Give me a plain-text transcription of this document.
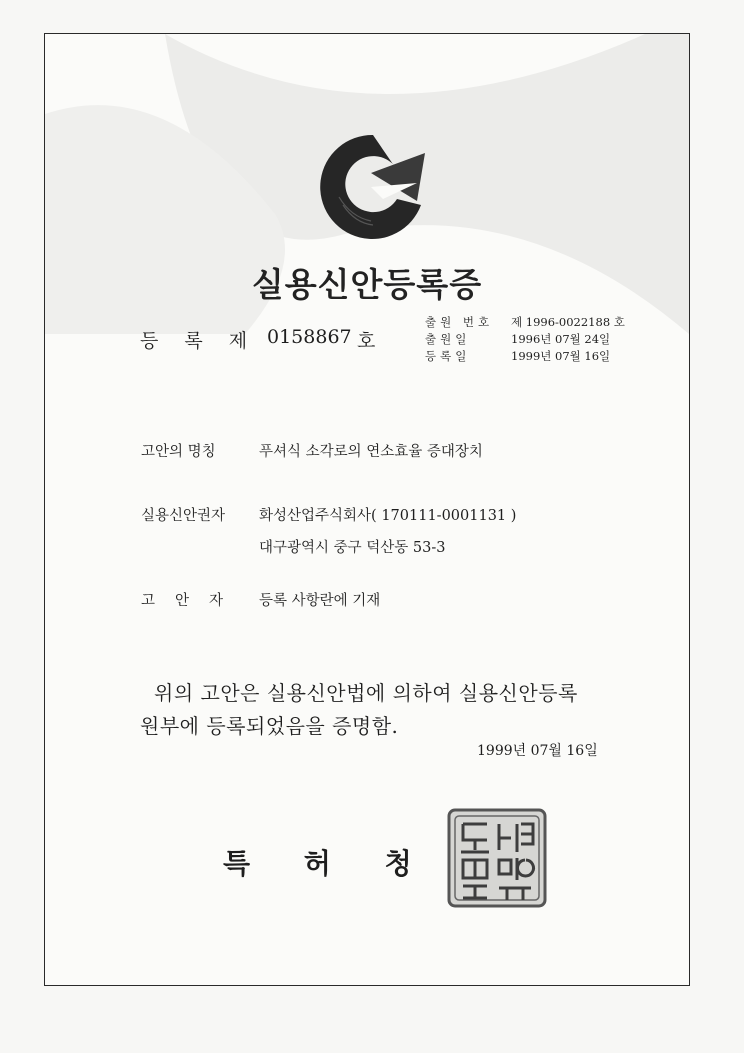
실용신안등록증
등 록 제 0158867 호
출원 번호	제 1996-0022188 호
출원일	1996년 07월 24일
등록일	1999년 07월 16일
고안의 명칭	푸셔식 소각로의 연소효율 증대장치
실용신안권자 화성산업주식회사( 170111-0001131 )
대구광역시 중구 덕산동 53-3
고안자 등록 사항란에 기재
위의 고안은 실용신안법에 의하여 실용신안등록
원부에 등록되었음을 증명함.
1999년 07월 16일
특 허 청
